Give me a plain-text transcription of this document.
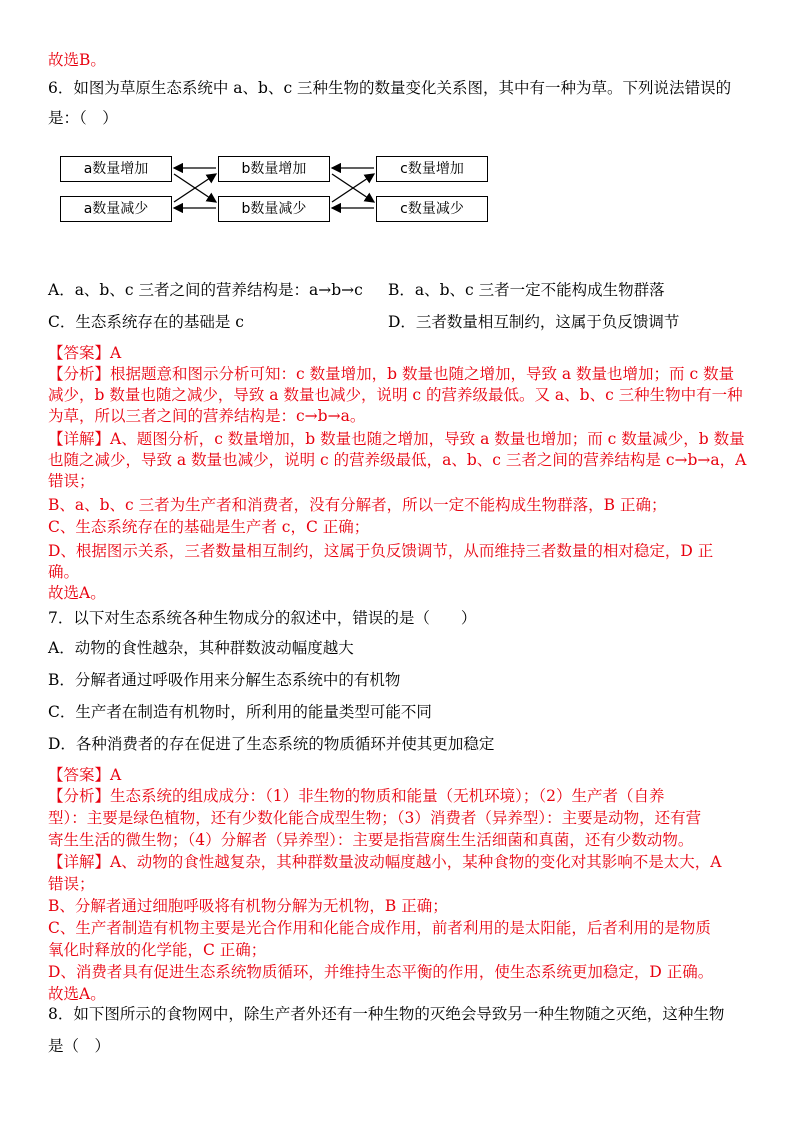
故选B。
6．如图为草原生态系统中 a、b、c 三种生物的数量变化关系图，其中有一种为草。下列说法错误的
是：（　）
a数量增加
a数量减少
b数量增加
b数量减少
c数量增加
c数量减少
A．a、b、c 三者之间的营养结构是：a→b→c B．a、b、c 三者一定不能构成生物群落
C．生态系统存在的基础是 c	D．三者数量相互制约，这属于负反馈调节
【答案】A
【分析】根据题意和图示分析可知：c 数量增加，b 数量也随之增加，导致 a 数量也增加；而 c 数量
减少，b 数量也随之减少，导致 a 数量也减少，说明 c 的营养级最低。又 a、b、c 三种生物中有一种
为草，所以三者之间的营养结构是：c→b→a。
【详解】A、题图分析，c 数量增加，b 数量也随之增加，导致 a 数量也增加；而 c 数量减少，b 数量
也随之减少，导致 a 数量也减少，说明 c 的营养级最低，a、b、c 三者之间的营养结构是 c→b→a，A
错误；
B、a、b、c 三者为生产者和消费者，没有分解者，所以一定不能构成生物群落，B 正确；
C、生态系统存在的基础是生产者 c，C 正确；
D、根据图示关系，三者数量相互制约，这属于负反馈调节，从而维持三者数量的相对稳定，D 正
确。
故选A。
7．以下对生态系统各种生物成分的叙述中，错误的是（　　）
A．动物的食性越杂，其种群数波动幅度越大
B．分解者通过呼吸作用来分解生态系统中的有机物
C．生产者在制造有机物时，所利用的能量类型可能不同
D．各种消费者的存在促进了生态系统的物质循环并使其更加稳定
【答案】A
【分析】生态系统的组成成分：（1）非生物的物质和能量（无机环境）；（2）生产者（自养
型）：主要是绿色植物，还有少数化能合成型生物；（3）消费者（异养型）：主要是动物，还有营
寄生生活的微生物；（4）分解者（异养型）：主要是指营腐生生活细菌和真菌，还有少数动物。
【详解】A、动物的食性越复杂，其种群数量波动幅度越小，某种食物的变化对其影响不是太大，A
错误；
B、分解者通过细胞呼吸将有机物分解为无机物，B 正确；
C、生产者制造有机物主要是光合作用和化能合成作用，前者利用的是太阳能，后者利用的是物质
氧化时释放的化学能，C 正确；
D、消费者具有促进生态系统物质循环，并维持生态平衡的作用，使生态系统更加稳定，D 正确。
故选A。
8．如下图所示的食物网中，除生产者外还有一种生物的灭绝会导致另一种生物随之灭绝，这种生物
是（　）
